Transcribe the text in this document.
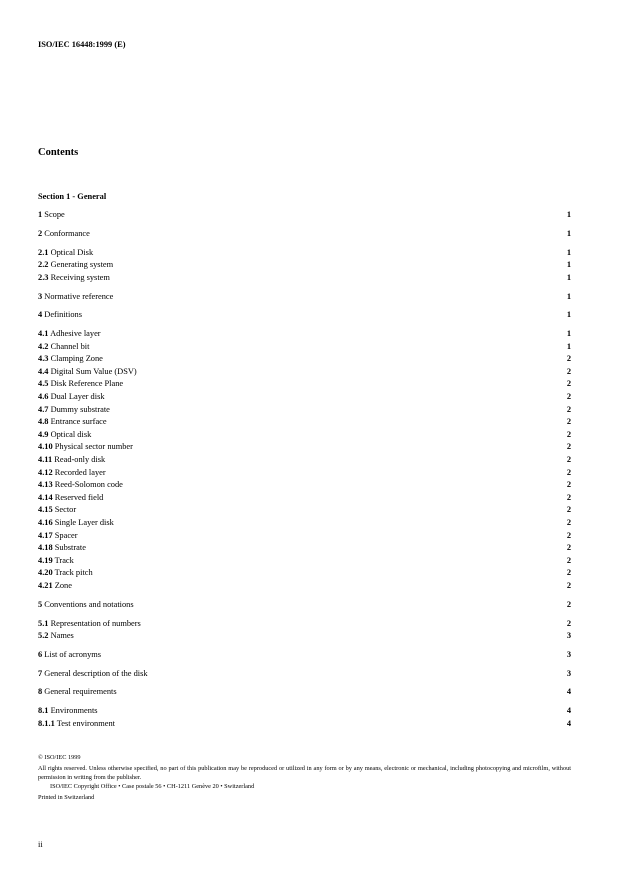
ISO/IEC 16448:1999 (E)
Contents
Section 1 - General
1 Scope	1
2 Conformance	1
2.1 Optical Disk	1
2.2 Generating system	1
2.3 Receiving system	1
3 Normative reference	1
4 Definitions	1
4.1 Adhesive layer	1
4.2 Channel bit	1
4.3 Clamping Zone	2
4.4 Digital Sum Value (DSV)	2
4.5 Disk Reference Plane	2
4.6 Dual Layer disk	2
4.7 Dummy substrate	2
4.8 Entrance surface	2
4.9 Optical disk	2
4.10 Physical sector number	2
4.11 Read-only disk	2
4.12 Recorded layer	2
4.13 Reed-Solomon code	2
4.14 Reserved field	2
4.15 Sector	2
4.16 Single Layer disk	2
4.17 Spacer	2
4.18 Substrate	2
4.19 Track	2
4.20 Track pitch	2
4.21 Zone	2
5 Conventions and notations	2
5.1 Representation of numbers	2
5.2 Names	3
6 List of acronyms	3
7 General description of the disk	3
8 General requirements	4
8.1 Environments	4
8.1.1 Test environment	4
© ISO/IEC 1999
All rights reserved. Unless otherwise specified, no part of this publication may be reproduced or utilized in any form or by any means, electronic or mechanical, including photocopying and microfilm, without permission in writing from the publisher.
ISO/IEC Copyright Office • Case postale 56 • CH-1211 Genève 20 • Switzerland
Printed in Switzerland
ii
